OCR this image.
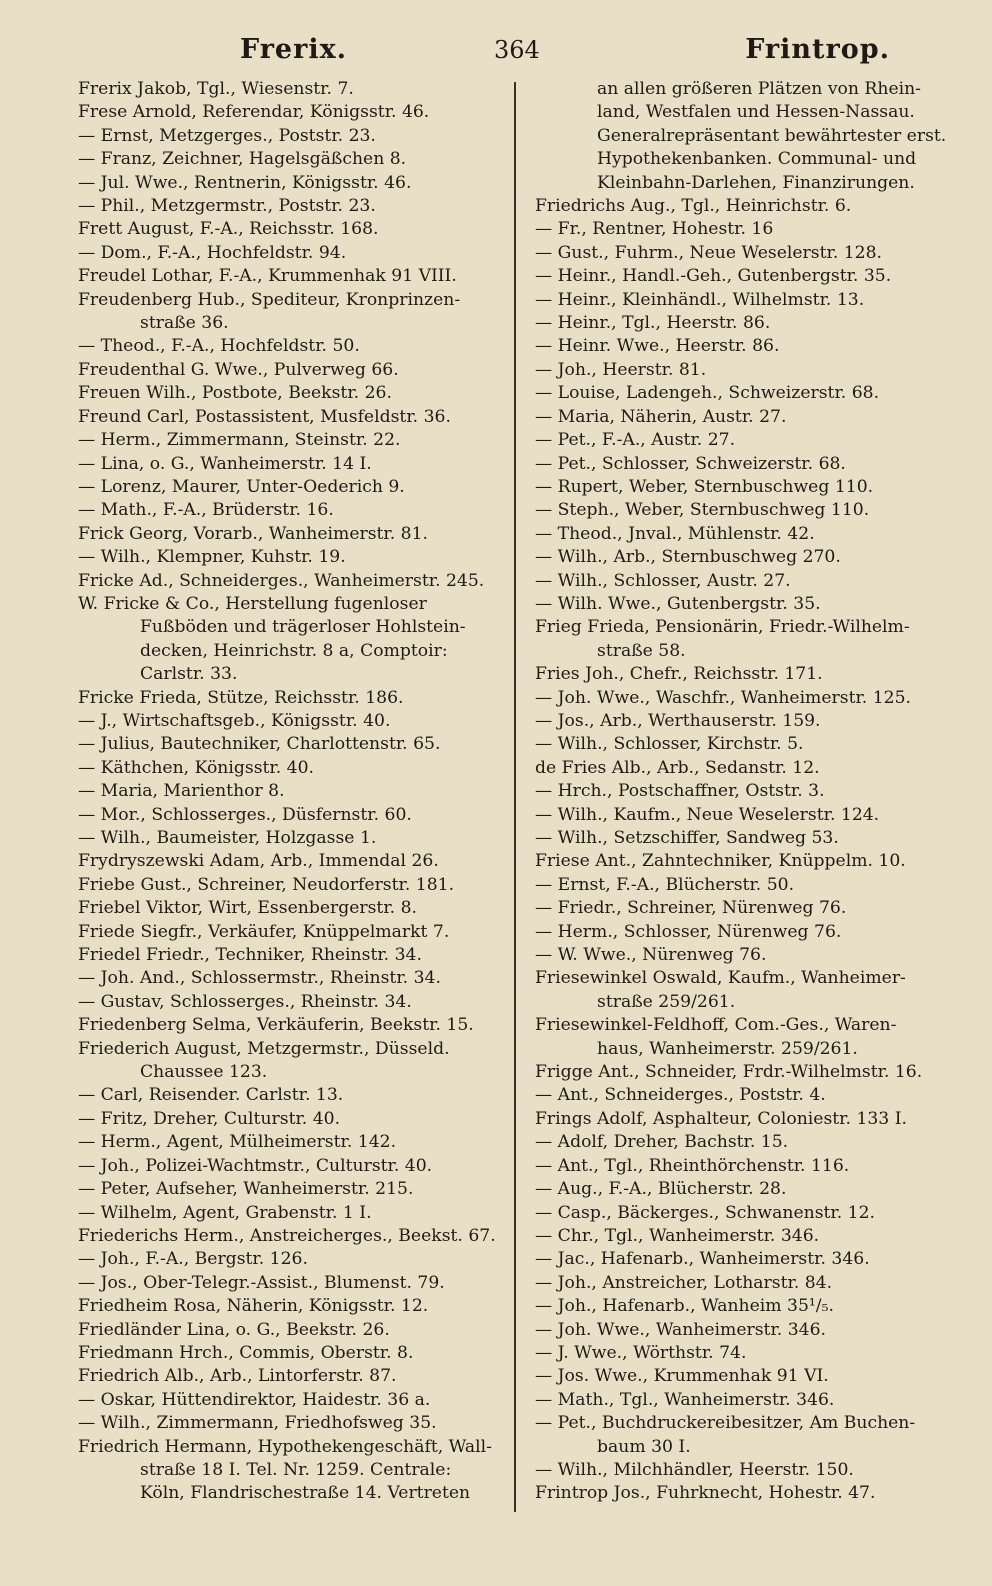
Frerix.	364	Frintrop.
Frerix Jakob, Tgl., Wiesenstr. 7.
Frese Arnold, Referendar, Königsstr. 46.
— Ernst, Metzgerges., Poststr. 23.
— Franz, Zeichner, Hagelsgäßchen 8.
— Jul. Wwe., Rentnerin, Königsstr. 46.
— Phil., Metzgermstr., Poststr. 23.
Frett August, F.-A., Reichsstr. 168.
— Dom., F.-A., Hochfeldstr. 94.
Freudel Lothar, F.-A., Krummenhak 91 VIII.
Freudenberg Hub., Spediteur, Kronprinzen-
straße 36.
— Theod., F.-A., Hochfeldstr. 50.
Freudenthal G. Wwe., Pulverweg 66.
Freuen Wilh., Postbote, Beekstr. 26.
Freund Carl, Postassistent, Musfeldstr. 36.
— Herm., Zimmermann, Steinstr. 22.
— Lina, o. G., Wanheimerstr. 14 I.
— Lorenz, Maurer, Unter-Oederich 9.
— Math., F.-A., Brüderstr. 16.
Frick Georg, Vorarb., Wanheimerstr. 81.
— Wilh., Klempner, Kuhstr. 19.
Fricke Ad., Schneiderges., Wanheimerstr. 245.
W. Fricke & Co., Herstellung fugenloser
Fußböden und trägerloser Hohlstein-
decken, Heinrichstr. 8 a, Comptoir:
Carlstr. 33.
Fricke Frieda, Stütze, Reichsstr. 186.
— J., Wirtschaftsgeb., Königsstr. 40.
— Julius, Bautechniker, Charlottenstr. 65.
— Käthchen, Königsstr. 40.
— Maria, Marienthor 8.
— Mor., Schlosserges., Düsfernstr. 60.
— Wilh., Baumeister, Holzgasse 1.
Frydryszewski Adam, Arb., Immendal 26.
Friebe Gust., Schreiner, Neudorferstr. 181.
Friebel Viktor, Wirt, Essenbergerstr. 8.
Friede Siegfr., Verkäufer, Knüppelmarkt 7.
Friedel Friedr., Techniker, Rheinstr. 34.
— Joh. And., Schlossermstr., Rheinstr. 34.
— Gustav, Schlosserges., Rheinstr. 34.
Friedenberg Selma, Verkäuferin, Beekstr. 15.
Friederich August, Metzgermstr., Düsseld.
Chaussee 123.
— Carl, Reisender. Carlstr. 13.
— Fritz, Dreher, Culturstr. 40.
— Herm., Agent, Mülheimerstr. 142.
— Joh., Polizei-Wachtmstr., Culturstr. 40.
— Peter, Aufseher, Wanheimerstr. 215.
— Wilhelm, Agent, Grabenstr. 1 I.
Friederichs Herm., Anstreicherges., Beekst. 67.
— Joh., F.-A., Bergstr. 126.
— Jos., Ober-Telegr.-Assist., Blumenst. 79.
Friedheim Rosa, Näherin, Königsstr. 12.
Friedländer Lina, o. G., Beekstr. 26.
Friedmann Hrch., Commis, Oberstr. 8.
Friedrich Alb., Arb., Lintorferstr. 87.
— Oskar, Hüttendirektor, Haidestr. 36 a.
— Wilh., Zimmermann, Friedhofsweg 35.
Friedrich Hermann, Hypothekengeschäft, Wall-
straße 18 I. Tel. Nr. 1259. Centrale:
Köln, Flandrischestraße 14. Vertreten
an allen größeren Plätzen von Rhein-
land, Westfalen und Hessen-Nassau.
Generalrepräsentant bewährtester erst.
Hypothekenbanken. Communal- und
Kleinbahn-Darlehen, Finanzirungen.
Friedrichs Aug., Tgl., Heinrichstr. 6.
— Fr., Rentner, Hohestr. 16
— Gust., Fuhrm., Neue Weselerstr. 128.
— Heinr., Handl.-Geh., Gutenbergstr. 35.
— Heinr., Kleinhändl., Wilhelmstr. 13.
— Heinr., Tgl., Heerstr. 86.
— Heinr. Wwe., Heerstr. 86.
— Joh., Heerstr. 81.
— Louise, Ladengeh., Schweizerstr. 68.
— Maria, Näherin, Austr. 27.
— Pet., F.-A., Austr. 27.
— Pet., Schlosser, Schweizerstr. 68.
— Rupert, Weber, Sternbuschweg 110.
— Steph., Weber, Sternbuschweg 110.
— Theod., Jnval., Mühlenstr. 42.
— Wilh., Arb., Sternbuschweg 270.
— Wilh., Schlosser, Austr. 27.
— Wilh. Wwe., Gutenbergstr. 35.
Frieg Frieda, Pensionärin, Friedr.-Wilhelm-
straße 58.
Fries Joh., Chefr., Reichsstr. 171.
— Joh. Wwe., Waschfr., Wanheimerstr. 125.
— Jos., Arb., Werthauserstr. 159.
— Wilh., Schlosser, Kirchstr. 5.
de Fries Alb., Arb., Sedanstr. 12.
— Hrch., Postschaffner, Oststr. 3.
— Wilh., Kaufm., Neue Weselerstr. 124.
— Wilh., Setzschiffer, Sandweg 53.
Friese Ant., Zahntechniker, Knüppelm. 10.
— Ernst, F.-A., Blücherstr. 50.
— Friedr., Schreiner, Nürenweg 76.
— Herm., Schlosser, Nürenweg 76.
— W. Wwe., Nürenweg 76.
Friesewinkel Oswald, Kaufm., Wanheimer-
straße 259/261.
Friesewinkel-Feldhoff, Com.-Ges., Waren-
haus, Wanheimerstr. 259/261.
Frigge Ant., Schneider, Frdr.-Wilhelmstr. 16.
— Ant., Schneiderges., Poststr. 4.
Frings Adolf, Asphalteur, Coloniestr. 133 I.
— Adolf, Dreher, Bachstr. 15.
— Ant., Tgl., Rheinthörchenstr. 116.
— Aug., F.-A., Blücherstr. 28.
— Casp., Bäckerges., Schwanenstr. 12.
— Chr., Tgl., Wanheimerstr. 346.
— Jac., Hafenarb., Wanheimerstr. 346.
— Joh., Anstreicher, Lotharstr. 84.
— Joh., Hafenarb., Wanheim 35¹/₅.
— Joh. Wwe., Wanheimerstr. 346.
— J. Wwe., Wörthstr. 74.
— Jos. Wwe., Krummenhak 91 VI.
— Math., Tgl., Wanheimerstr. 346.
— Pet., Buchdruckereibesitzer, Am Buchen-
baum 30 I.
— Wilh., Milchhändler, Heerstr. 150.
Frintrop Jos., Fuhrknecht, Hohestr. 47.
